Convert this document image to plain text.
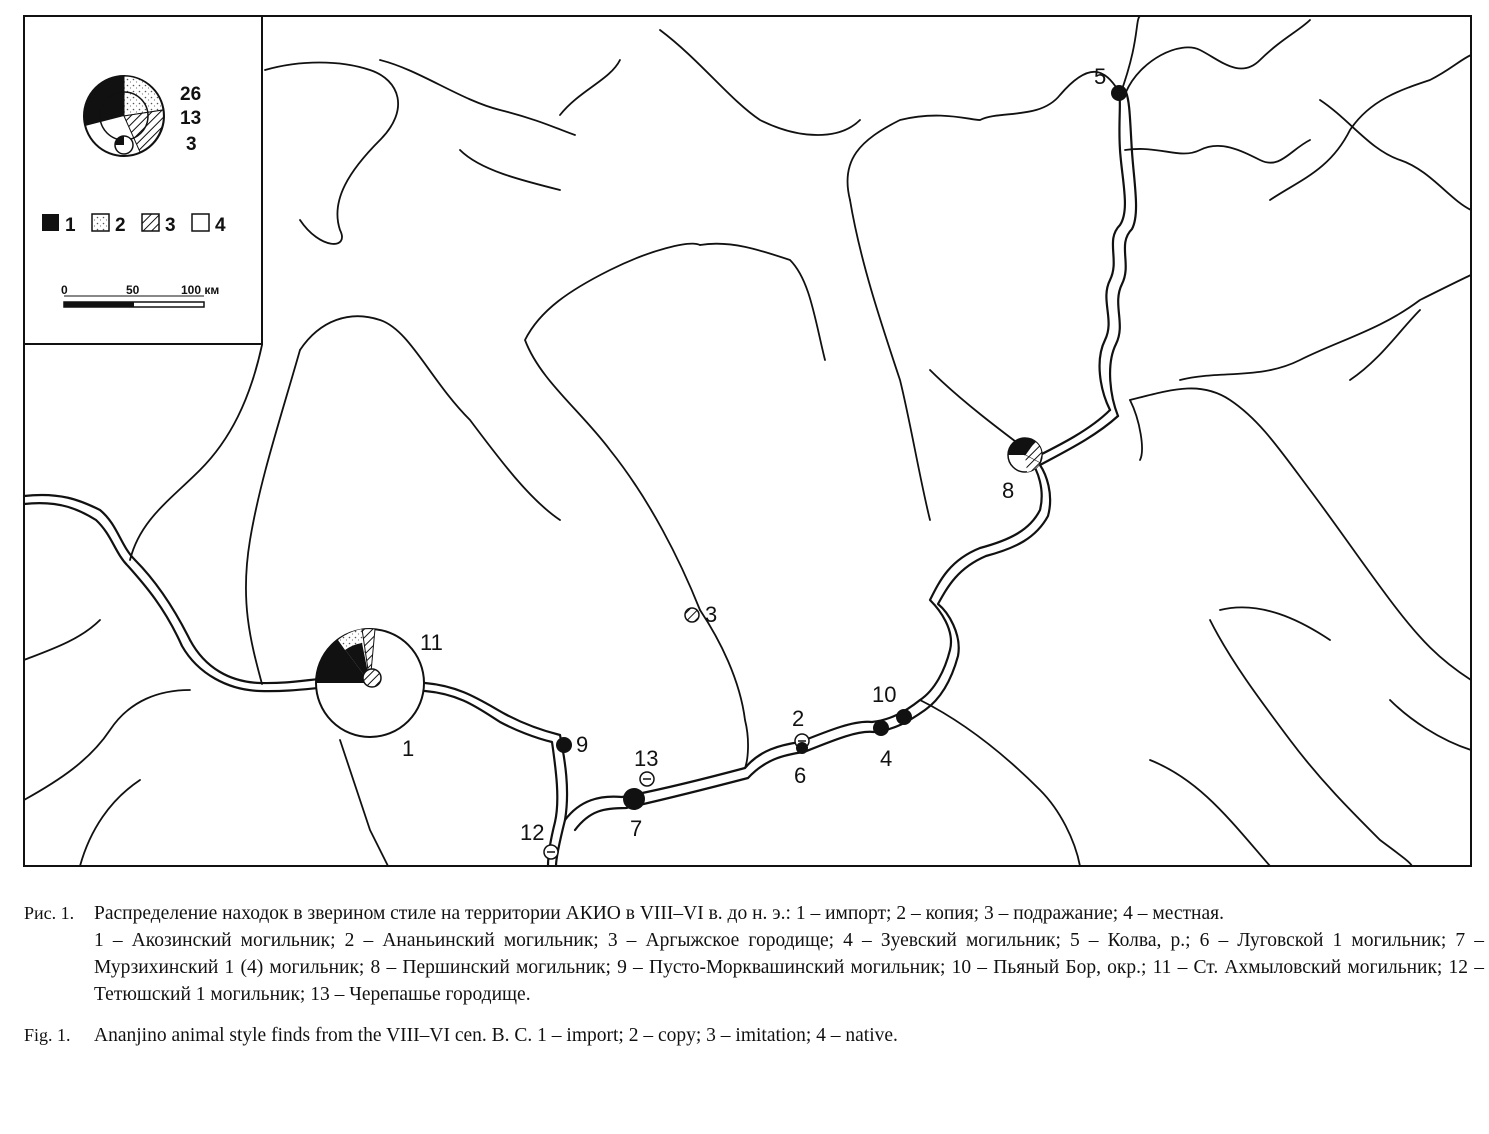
26
13
3
1 2 3 4
0	50	100 км
1
2
3
4
5
6
7
8
9
10
11
12
13
Рис. 1.	Распределение находок в зверином стиле на территории АКИО в VIII–VI в. до н. э.: 1 – импорт; 2 – копия; 3 – подражание; 4 – местная.
1 – Акозинский могильник; 2 – Ананьинский могильник; 3 – Аргыжское городище; 4 – Зуевский могильник; 5 – Колва, р.; 6 – Луговской 1 могильник; 7 – Мурзихинский 1 (4) могильник; 8 – Першинский могильник; 9 – Пусто-Морквашинский могильник; 10 – Пьяный Бор, окр.; 11 – Ст. Ахмыловский могильник; 12 – Тетюшский 1 могильник; 13 – Черепашье городище.
Fig. 1.	Ananjino animal style finds from the VIII–VI cen. B. C. 1 – import; 2 – copy; 3 – imitation; 4 – native.
